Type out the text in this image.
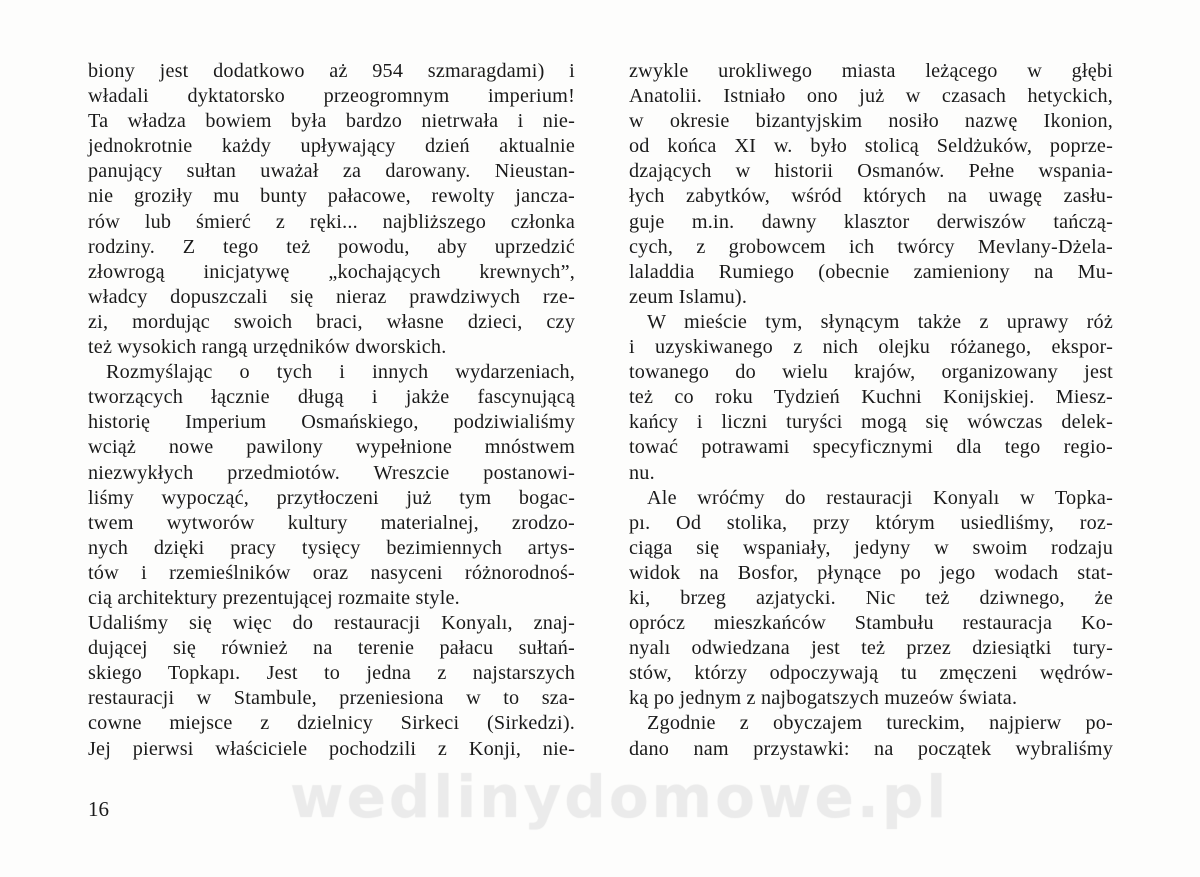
biony jest dodatkowo aż 954 szmaragdami) i
władali dyktatorsko przeogromnym imperium!
Ta władza bowiem była bardzo nietrwała i nie-
jednokrotnie każdy upływający dzień aktualnie
panujący sułtan uważał za darowany. Nieustan-
nie groziły mu bunty pałacowe, rewolty jancza-
rów lub śmierć z ręki... najbliższego członka
rodziny. Z tego też powodu, aby uprzedzić
złowrogą inicjatywę „kochających krewnych”,
władcy dopuszczali się nieraz prawdziwych rze-
zi, mordując swoich braci, własne dzieci, czy
też wysokich rangą urzędników dworskich.
Rozmyślając o tych i innych wydarzeniach,
tworzących łącznie długą i jakże fascynującą
historię Imperium Osmańskiego, podziwialiśmy
wciąż nowe pawilony wypełnione mnóstwem
niezwykłych przedmiotów. Wreszcie postanowi-
liśmy wypocząć, przytłoczeni już tym bogac-
twem wytworów kultury materialnej, zrodzo-
nych dzięki pracy tysięcy bezimiennych artys-
tów i rzemieślników oraz nasyceni różnorodnoś-
cią architektury prezentującej rozmaite style.
Udaliśmy się więc do restauracji Konyalı, znaj-
dującej się również na terenie pałacu sułtań-
skiego Topkapı. Jest to jedna z najstarszych
restauracji w Stambule, przeniesiona w to sza-
cowne miejsce z dzielnicy Sirkeci (Sirkedzi).
Jej pierwsi właściciele pochodzili z Konji, nie-
zwykle urokliwego miasta leżącego w głębi
Anatolii. Istniało ono już w czasach hetyckich,
w okresie bizantyjskim nosiło nazwę Ikonion,
od końca XI w. było stolicą Seldżuków, poprze-
dzających w historii Osmanów. Pełne wspania-
łych zabytków, wśród których na uwagę zasłu-
guje m.in. dawny klasztor derwiszów tańczą-
cych, z grobowcem ich twórcy Mevlany-Dżela-
laladdia Rumiego (obecnie zamieniony na Mu-
zeum Islamu).
W mieście tym, słynącym także z uprawy róż
i uzyskiwanego z nich olejku różanego, ekspor-
towanego do wielu krajów, organizowany jest
też co roku Tydzień Kuchni Konijskiej. Miesz-
kańcy i liczni turyści mogą się wówczas delek-
tować potrawami specyficznymi dla tego regio-
nu.
Ale wróćmy do restauracji Konyalı w Topka-
pı. Od stolika, przy którym usiedliśmy, roz-
ciąga się wspaniały, jedyny w swoim rodzaju
widok na Bosfor, płynące po jego wodach stat-
ki, brzeg azjatycki. Nic też dziwnego, że
oprócz mieszkańców Stambułu restauracja Ko-
nyalı odwiedzana jest też przez dziesiątki tury-
stów, którzy odpoczywają tu zmęczeni wędrów-
ką po jednym z najbogatszych muzeów świata.
Zgodnie z obyczajem tureckim, najpierw po-
dano nam przystawki: na początek wybraliśmy
wedlinydomowe.pl
16
